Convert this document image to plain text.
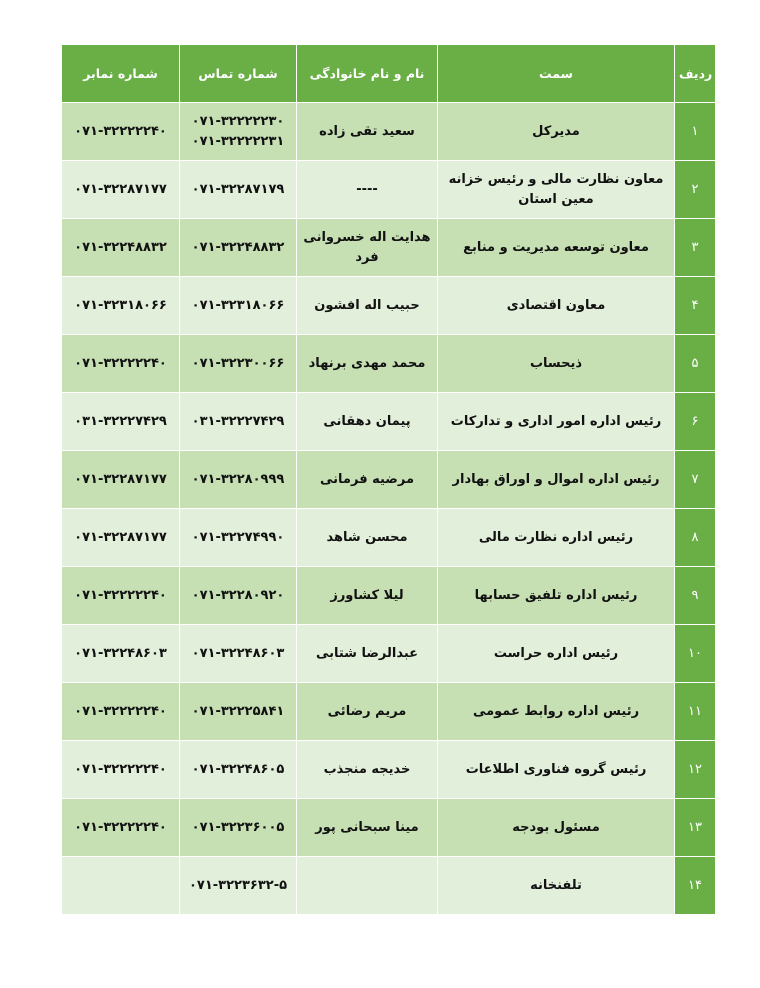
ردیف
سمت
نام و نام خانوادگی
شماره تماس
شماره نمابر
۱
مدیرکل
سعید تقی زاده
۰۷۱-۳۲۲۲۲۲۳۰
۰۷۱-۳۲۲۲۲۲۳۱
۰۷۱-۳۲۲۲۲۲۴۰
۲
معاون نظارت مالی و رئیس خزانه معین استان
----
۰۷۱-۳۲۲۸۷۱۷۹
۰۷۱-۳۲۲۸۷۱۷۷
۳
معاون توسعه مدیریت و منابع
هدایت اله خسروانی فرد
۰۷۱-۳۲۲۴۸۸۳۲
۰۷۱-۳۲۲۴۸۸۳۲
۴
معاون اقتصادی
حبیب اله افشون
۰۷۱-۳۲۳۱۸۰۶۶
۰۷۱-۳۲۳۱۸۰۶۶
۵
ذیحساب
محمد مهدی برنهاد
۰۷۱-۳۲۲۳۰۰۶۶
۰۷۱-۳۲۲۲۲۲۴۰
۶
رئیس اداره امور اداری و تدارکات
پیمان دهقانی
۰۳۱-۳۲۲۲۷۴۲۹
۰۳۱-۳۲۲۲۷۴۲۹
۷
رئیس اداره اموال و اوراق بهادار
مرضیه فرمانی
۰۷۱-۳۲۲۸۰۹۹۹
۰۷۱-۳۲۲۸۷۱۷۷
۸
رئیس اداره نظارت مالی
محسن شاهد
۰۷۱-۳۲۲۷۴۹۹۰
۰۷۱-۳۲۲۸۷۱۷۷
۹
رئیس اداره تلفیق حسابها
لیلا کشاورز
۰۷۱-۳۲۲۸۰۹۲۰
۰۷۱-۳۲۲۲۲۲۴۰
۱۰
رئیس اداره حراست
عبدالرضا شتابی
۰۷۱-۳۲۲۴۸۶۰۳
۰۷۱-۳۲۲۴۸۶۰۳
۱۱
رئیس اداره روابط عمومی
مریم رضائی
۰۷۱-۳۲۲۲۵۸۴۱
۰۷۱-۳۲۲۲۲۲۴۰
۱۲
رئیس گروه فناوری اطلاعات
خدیجه منجذب
۰۷۱-۳۲۲۴۸۶۰۵
۰۷۱-۳۲۲۲۲۲۴۰
۱۳
مسئول بودجه
مینا سبحانی پور
۰۷۱-۳۲۲۳۶۰۰۵
۰۷۱-۳۲۲۲۲۲۴۰
۱۴
تلفنخانه
۰۷۱-۳۲۲۳۶۳۲-۵
